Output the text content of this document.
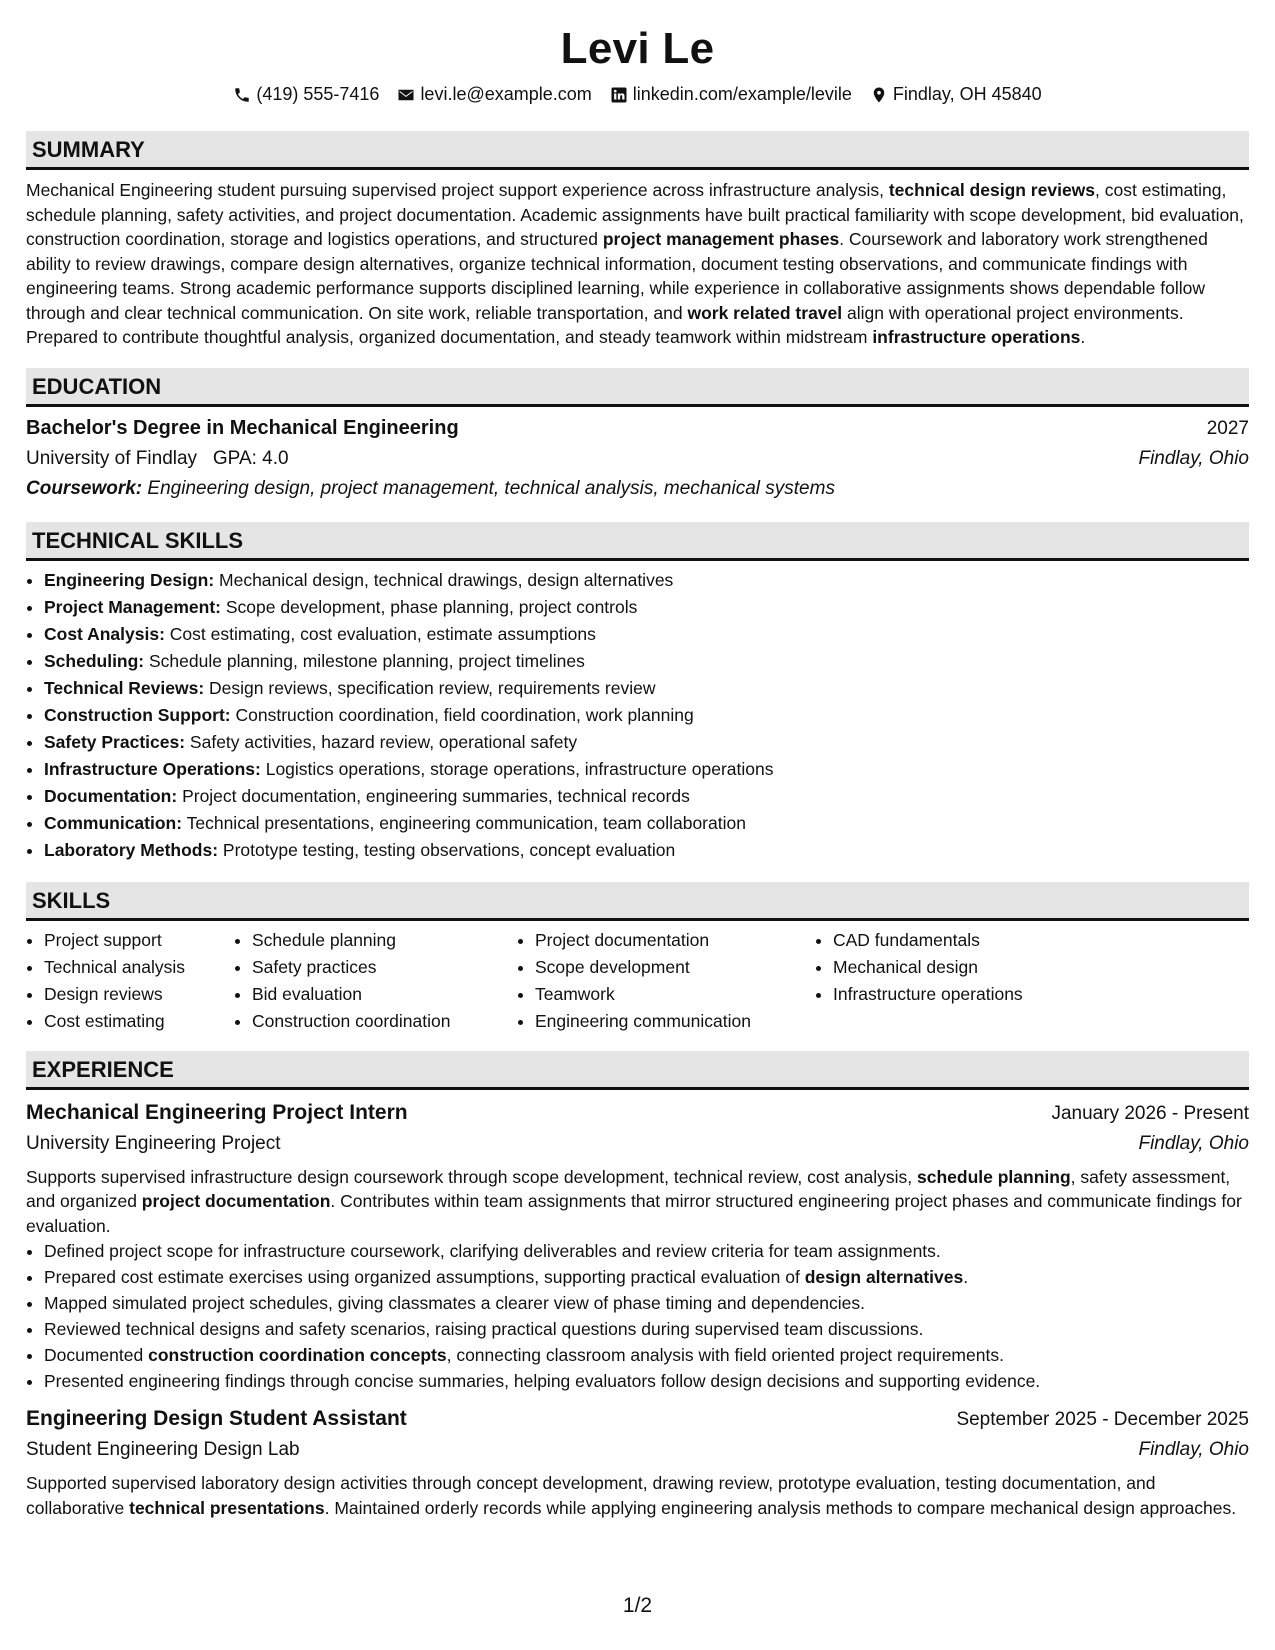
Levi Le
(419) 555-7416 levi.le@example.com linkedin.com/example/levile Findlay, OH 45840
SUMMARY

Mechanical Engineering student pursuing supervised project support experience across infrastructure analysis, technical design reviews, cost estimating, schedule planning, safety activities, and project documentation. Academic assignments have built practical familiarity with scope development, bid evaluation, construction coordination, storage and logistics operations, and structured project management phases. Coursework and laboratory work strengthened ability to review drawings, compare design alternatives, organize technical information, document testing observations, and communicate findings with engineering teams. Strong academic performance supports disciplined learning, while experience in collaborative assignments shows dependable follow through and clear technical communication. On site work, reliable transportation, and work related travel align with operational project environments. Prepared to contribute thoughtful analysis, organized documentation, and steady teamwork within midstream infrastructure operations.

EDUCATION
Bachelor's Degree in Mechanical Engineering	2027
University of Findlay GPA: 4.0	Findlay, Ohio
Coursework: Engineering design, project management, technical analysis, mechanical systems
TECHNICAL SKILLS
• Engineering Design: Mechanical design, technical drawings, design alternatives
• Project Management: Scope development, phase planning, project controls
• Cost Analysis: Cost estimating, cost evaluation, estimate assumptions
• Scheduling: Schedule planning, milestone planning, project timelines
• Technical Reviews: Design reviews, specification review, requirements review
• Construction Support: Construction coordination, field coordination, work planning
• Safety Practices: Safety activities, hazard review, operational safety
• Infrastructure Operations: Logistics operations, storage operations, infrastructure operations
• Documentation: Project documentation, engineering summaries, technical records
• Communication: Technical presentations, engineering communication, team collaboration
• Laboratory Methods: Prototype testing, testing observations, concept evaluation
SKILLS
• Project support
• Technical analysis
• Design reviews
• Cost estimating
• Schedule planning
• Safety practices
• Bid evaluation
• Construction coordination
• Project documentation
• Scope development
• Teamwork
• Engineering communication
• CAD fundamentals
• Mechanical design
• Infrastructure operations
EXPERIENCE
Mechanical Engineering Project Intern	January 2026 - Present
University Engineering Project	Findlay, Ohio

Supports supervised infrastructure design coursework through scope development, technical review, cost analysis, schedule planning, safety assessment, and organized project documentation. Contributes within team assignments that mirror structured engineering project phases and communicate findings for evaluation.

• Defined project scope for infrastructure coursework, clarifying deliverables and review criteria for team assignments.
• Prepared cost estimate exercises using organized assumptions, supporting practical evaluation of design alternatives.
• Mapped simulated project schedules, giving classmates a clearer view of phase timing and dependencies.
• Reviewed technical designs and safety scenarios, raising practical questions during supervised team discussions.
• Documented construction coordination concepts, connecting classroom analysis with field oriented project requirements.
• Presented engineering findings through concise summaries, helping evaluators follow design decisions and supporting evidence.
Engineering Design Student Assistant	September 2025 - December 2025
Student Engineering Design Lab	Findlay, Ohio

Supported supervised laboratory design activities through concept development, drawing review, prototype evaluation, testing documentation, and collaborative technical presentations. Maintained orderly records while applying engineering analysis methods to compare mechanical design approaches.

1/2
